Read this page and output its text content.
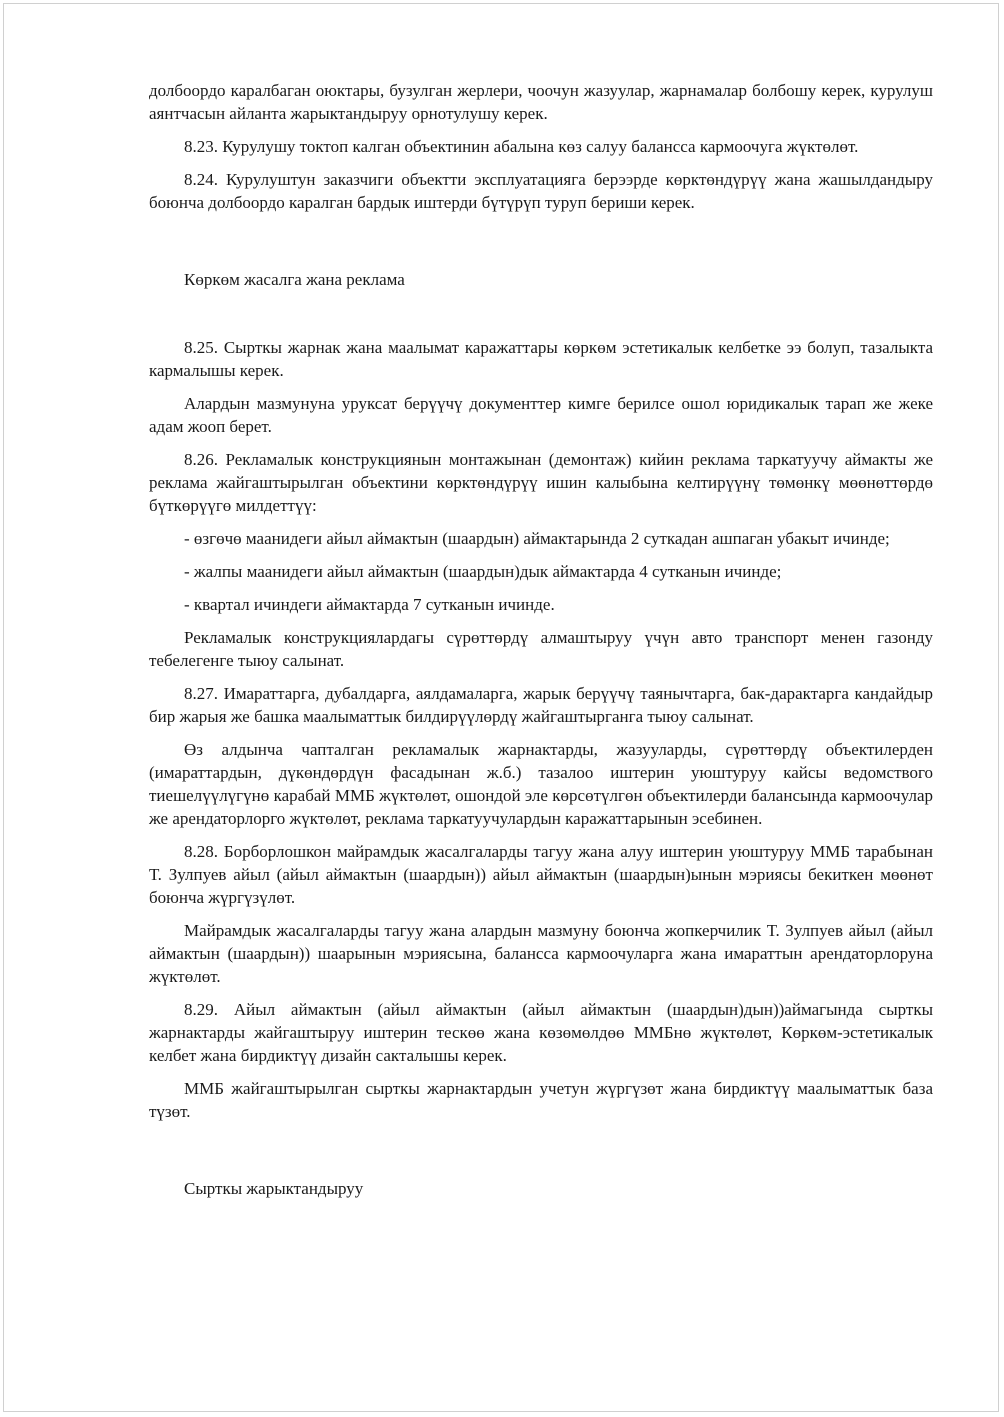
долбоордо каралбаган оюктары, бузулган жерлери, чоочун жазуулар, жарнамалар болбошу керек, курулуш аянтчасын айланта жарыктандыруу орнотулушу керек.

8.23. Курулушу токтоп калган объектинин абалына көз салуу балансса кармоочуга жүктөлөт.

8.24. Курулуштун заказчиги объектти эксплуатацияга берээрде көрктөндүрүү жана жашылдандыру боюнча долбоордо каралган бардык иштерди бүтүрүп туруп бериши керек.

Көркөм жасалга жана реклама

8.25. Сырткы жарнак жана маалымат каражаттары көркөм эстетикалык келбетке ээ болуп, тазалыкта кармалышы керек.

Алардын мазмунуна уруксат берүүчү документтер кимге берилсе ошол юридикалык тарап же жеке адам жооп берет.

8.26. Рекламалык конструкциянын монтажынан (демонтаж) кийин реклама таркатуучу аймакты же реклама жайгаштырылган объектини көрктөндүрүү ишин калыбына келтирүүнү төмөнкү мөөнөттөрдө бүткөрүүгө милдеттүү:

- өзгөчө маанидеги айыл аймактын (шаардын) аймактарында 2 суткадан ашпаган убакыт ичинде;

- жалпы маанидеги айыл аймактын (шаардын)дык аймактарда 4 сутканын ичинде;

- квартал ичиндеги аймактарда 7 сутканын ичинде.

Рекламалык конструкциялардагы сүрөттөрдү алмаштыруу үчүн авто транспорт менен газонду тебелегенге тыюу салынат.

8.27. Имараттарга, дубалдарга, аялдамаларга, жарык берүүчү таянычтарга, бак-дарактарга кандайдыр бир жарыя же башка маалыматтык билдирүүлөрдү жайгаштырганга тыюу салынат.

Өз алдынча чапталган рекламалык жарнактарды, жазууларды, сүрөттөрдү объектилерден (имараттардын, дүкөндөрдүн фасадынан ж.б.) тазалоо иштерин уюштуруу кайсы ведомствого тиешелүүлүгүнө карабай ММБ жүктөлөт, ошондой эле көрсөтүлгөн объектилерди балансында кармоочулар же арендаторлорго жүктөлөт, реклама таркатуучулардын каражаттарынын эсебинен.

8.28. Борборлошкон майрамдык жасалгаларды тагуу жана алуу иштерин уюштуруу ММБ тарабынан Т. Зулпуев айыл (айыл аймактын (шаардын)) айыл аймактын (шаардын)ынын мэриясы бекиткен мөөнөт боюнча жүргүзүлөт.

Майрамдык жасалгаларды тагуу жана алардын мазмуну боюнча жопкерчилик Т. Зулпуев айыл (айыл аймактын (шаардын)) шаарынын мэриясына, балансса кармоочуларга жана имараттын арендаторлоруна жүктөлөт.

8.29. Айыл аймактын (айыл аймактын (айыл аймактын (шаардын)дын))аймагында сырткы жарнактарды жайгаштыруу иштерин тескөө жана көзөмөлдөө ММБнө жүктөлөт, Көркөм-эстетикалык келбет жана бирдиктүү дизайн сакталышы керек.

ММБ жайгаштырылган сырткы жарнактардын учетун жүргүзөт жана бирдиктүү маалыматтык база түзөт.

Сырткы жарыктандыруу
